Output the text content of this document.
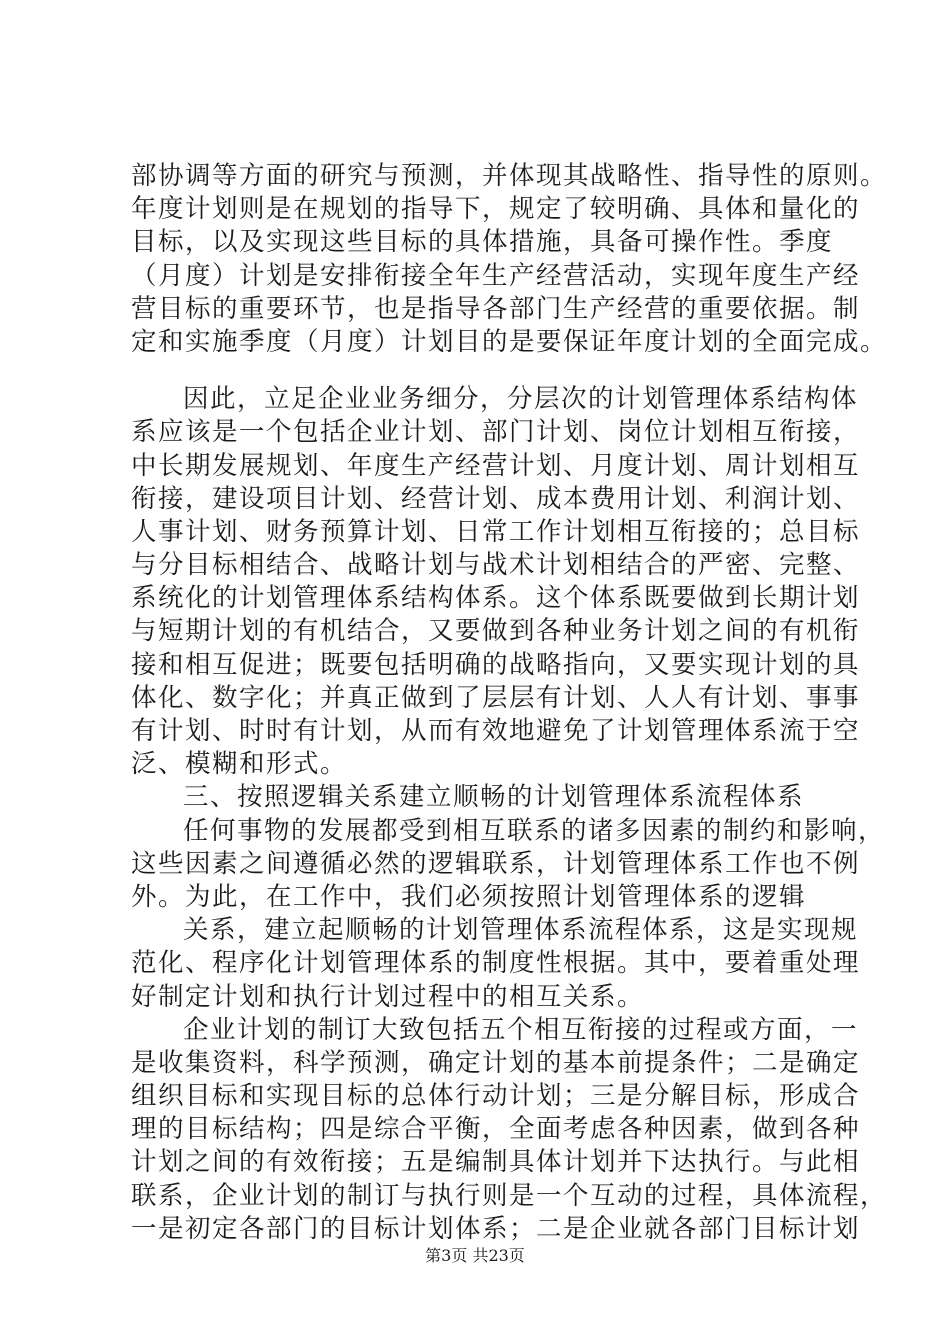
部协调等方面的研究与预测，并体现其战略性、指导性的原则。
年度计划则是在规划的指导下，规定了较明确、具体和量化的
目标，以及实现这些目标的具体措施，具备可操作性。季度
（月度）计划是安排衔接全年生产经营活动，实现年度生产经
营目标的重要环节，也是指导各部门生产经营的重要依据。制
定和实施季度（月度）计划目的是要保证年度计划的全面完成。
因此，立足企业业务细分，分层次的计划管理体系结构体
系应该是一个包括企业计划、部门计划、岗位计划相互衔接，
中长期发展规划、年度生产经营计划、月度计划、周计划相互
衔接，建设项目计划、经营计划、成本费用计划、利润计划、
人事计划、财务预算计划、日常工作计划相互衔接的；总目标
与分目标相结合、战略计划与战术计划相结合的严密、完整、
系统化的计划管理体系结构体系。这个体系既要做到长期计划
与短期计划的有机结合，又要做到各种业务计划之间的有机衔
接和相互促进；既要包括明确的战略指向，又要实现计划的具
体化、数字化；并真正做到了层层有计划、人人有计划、事事
有计划、时时有计划，从而有效地避免了计划管理体系流于空
泛、模糊和形式。
三、按照逻辑关系建立顺畅的计划管理体系流程体系
任何事物的发展都受到相互联系的诸多因素的制约和影响，
这些因素之间遵循必然的逻辑联系，计划管理体系工作也不例
外。为此，在工作中，我们必须按照计划管理体系的逻辑
关系，建立起顺畅的计划管理体系流程体系，这是实现规
范化、程序化计划管理体系的制度性根据。其中，要着重处理
好制定计划和执行计划过程中的相互关系。
企业计划的制订大致包括五个相互衔接的过程或方面，一
是收集资料，科学预测，确定计划的基本前提条件；二是确定
组织目标和实现目标的总体行动计划；三是分解目标，形成合
理的目标结构；四是综合平衡，全面考虑各种因素，做到各种
计划之间的有效衔接；五是编制具体计划并下达执行。与此相
联系，企业计划的制订与执行则是一个互动的过程，具体流程，
一是初定各部门的目标计划体系；二是企业就各部门目标计划
第3页 共23页
